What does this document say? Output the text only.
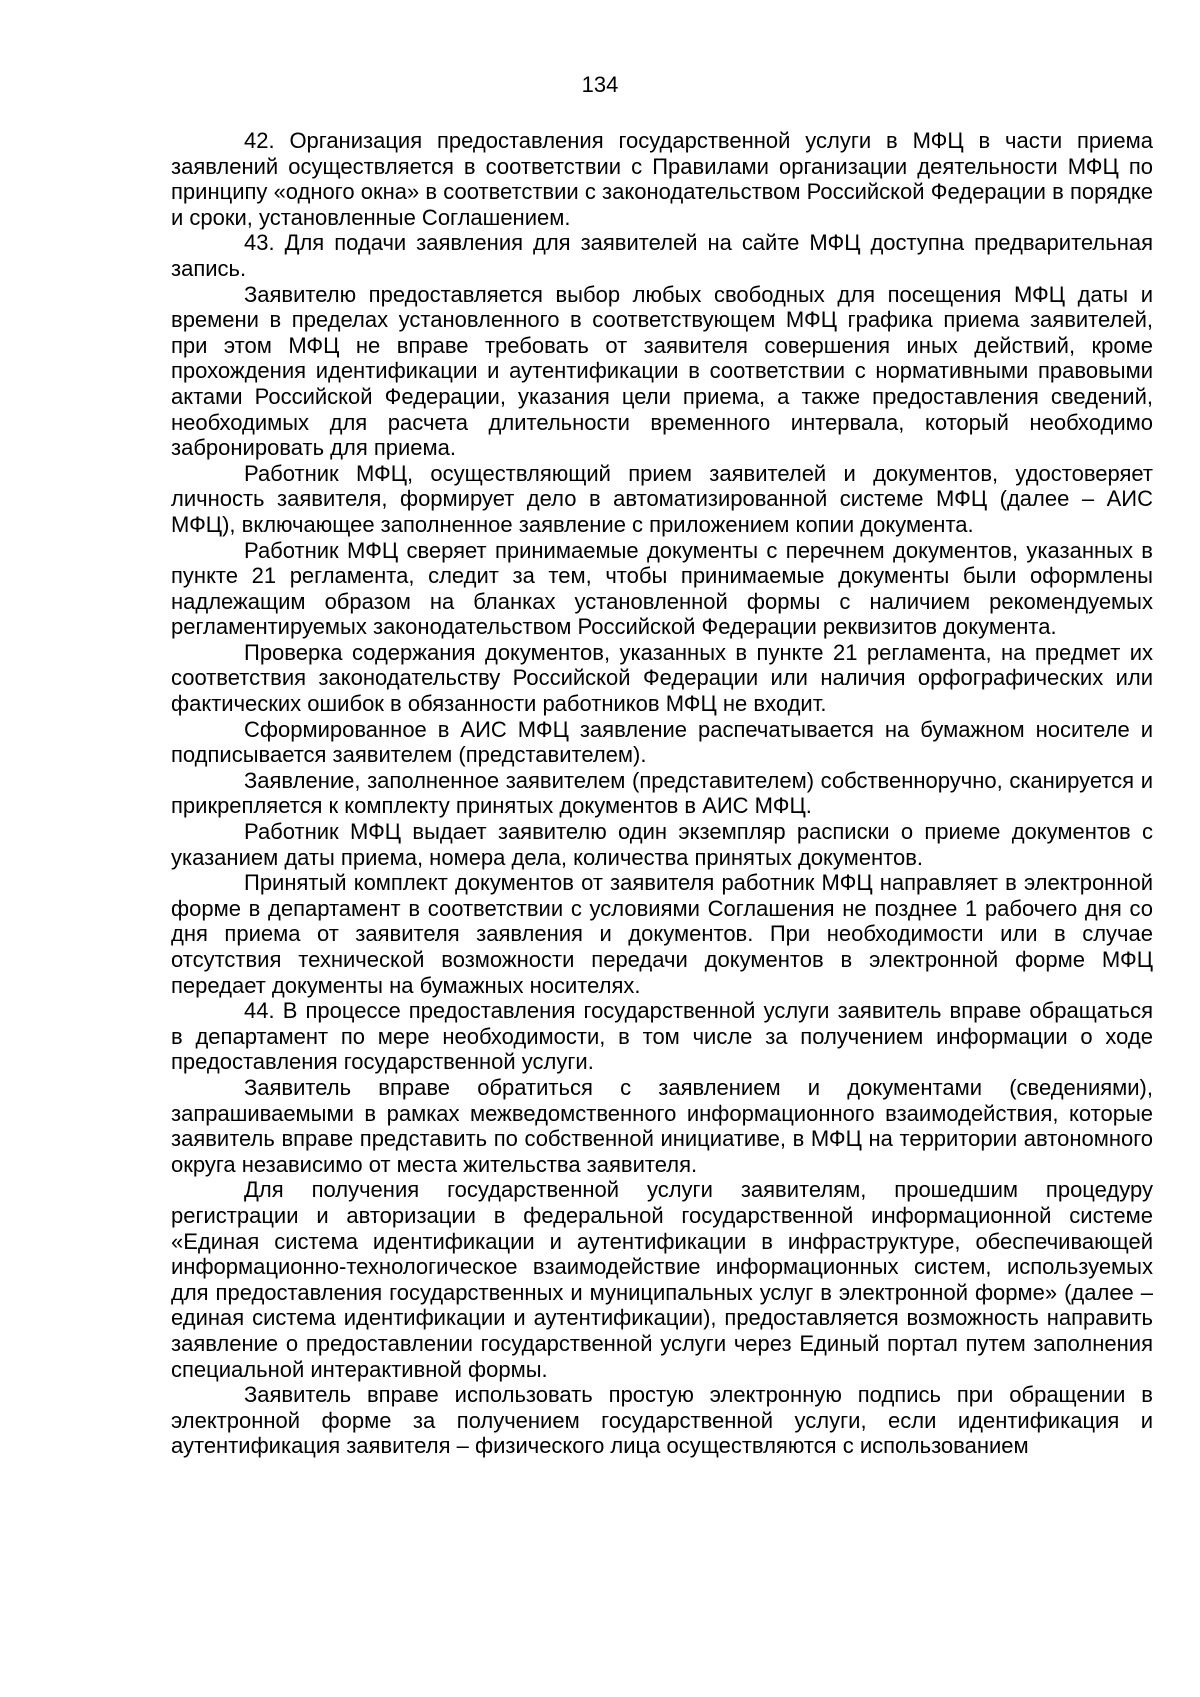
134

42. Организация предоставления государственной услуги в МФЦ в части приема заявлений осуществляется в соответствии с Правилами организации деятельности МФЦ по принципу «одного окна» в соответствии с законодательством Российской Федерации в порядке и сроки, установленные Соглашением.

43. Для подачи заявления для заявителей на сайте МФЦ доступна предварительная запись.

Заявителю предоставляется выбор любых свободных для посещения МФЦ даты и времени в пределах установленного в соответствующем МФЦ графика приема заявителей, при этом МФЦ не вправе требовать от заявителя совершения иных действий, кроме прохождения идентификации и аутентификации в соответствии с нормативными правовыми актами Российской Федерации, указания цели приема, а также предоставления сведений, необходимых для расчета длительности временного интервала, который необходимо забронировать для приема.

Работник МФЦ, осуществляющий прием заявителей и документов, удостоверяет личность заявителя, формирует дело в автоматизированной системе МФЦ (далее – АИС МФЦ), включающее заполненное заявление с приложением копии документа.

Работник МФЦ сверяет принимаемые документы с перечнем документов, указанных в пункте 21 регламента, следит за тем, чтобы принимаемые документы были оформлены надлежащим образом на бланках установленной формы с наличием рекомендуемых регламентируемых законодательством Российской Федерации реквизитов документа.

Проверка содержания документов, указанных в пункте 21 регламента, на предмет их соответствия законодательству Российской Федерации или наличия орфографических или фактических ошибок в обязанности работников МФЦ не входит.

Сформированное в АИС МФЦ заявление распечатывается на бумажном носителе и подписывается заявителем (представителем).

Заявление, заполненное заявителем (представителем) собственноручно, сканируется и прикрепляется к комплекту принятых документов в АИС МФЦ.

Работник МФЦ выдает заявителю один экземпляр расписки о приеме документов с указанием даты приема, номера дела, количества принятых документов.

Принятый комплект документов от заявителя работник МФЦ направляет в электронной форме в департамент в соответствии с условиями Соглашения не позднее 1 рабочего дня со дня приема от заявителя заявления и документов. При необходимости или в случае отсутствия технической возможности передачи документов в электронной форме МФЦ передает документы на бумажных носителях.

44. В процессе предоставления государственной услуги заявитель вправе обращаться в департамент по мере необходимости, в том числе за получением информации о ходе предоставления государственной услуги.

Заявитель вправе обратиться с заявлением и документами (сведениями), запрашиваемыми в рамках межведомственного информационного взаимодействия, которые заявитель вправе представить по собственной инициативе, в МФЦ на территории автономного округа независимо от места жительства заявителя.

Для получения государственной услуги заявителям, прошедшим процедуру регистрации и авторизации в федеральной государственной информационной системе «Единая система идентификации и аутентификации в инфраструктуре, обеспечивающей информационно-технологическое взаимодействие информационных систем, используемых для предоставления государственных и муниципальных услуг в электронной форме» (далее – единая система идентификации и аутентификации), предоставляется возможность направить заявление о предоставлении государственной услуги через Единый портал путем заполнения специальной интерактивной формы.

Заявитель вправе использовать простую электронную подпись при обращении в электронной форме за получением государственной услуги, если идентификация и аутентификация заявителя – физического лица осуществляются с использованием
